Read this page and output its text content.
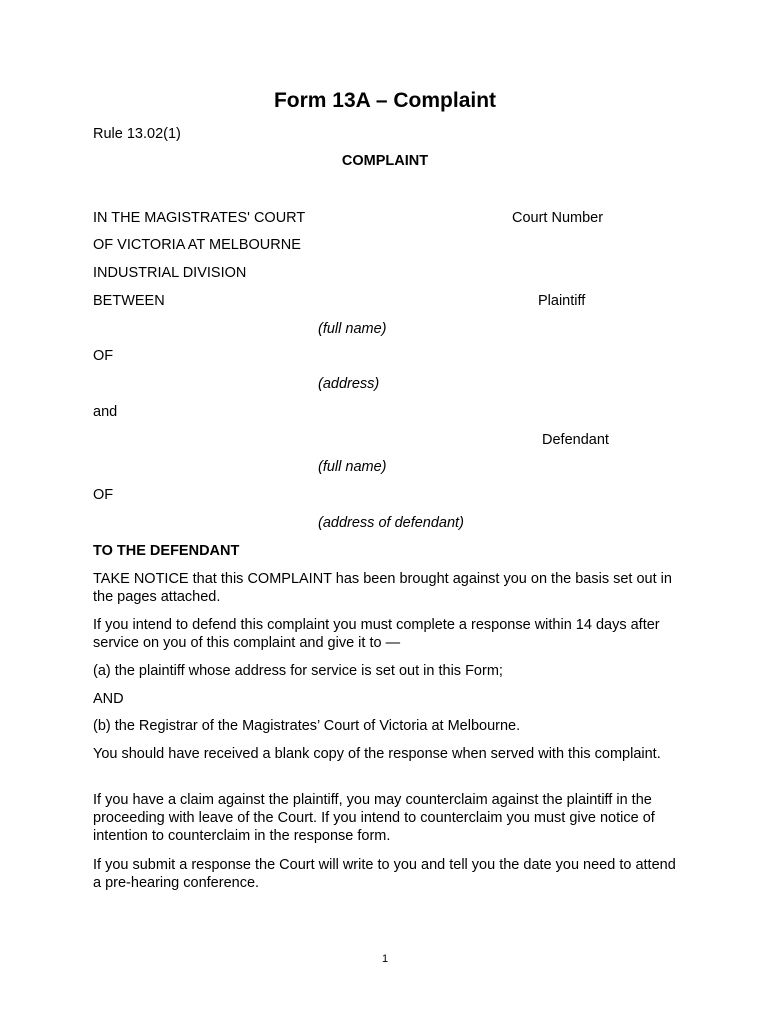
Form 13A – Complaint
Rule 13.02(1)
COMPLAINT
IN THE MAGISTRATES' COURT	Court Number
OF VICTORIA AT MELBOURNE
INDUSTRIAL DIVISION
BETWEEN	Plaintiff
(full name)
OF
(address)
and
Defendant
(full name)
OF
(address of defendant)
TO THE DEFENDANT
TAKE NOTICE that this COMPLAINT has been brought against you on the basis set out in the pages attached.
If you intend to defend this complaint you must complete a response within 14 days after service on you of this complaint and give it to —
(a) the plaintiff whose address for service is set out in this Form;
AND
(b) the Registrar of the Magistrates’ Court of Victoria at Melbourne.
You should have received a blank copy of the response when served with this complaint.
If you have a claim against the plaintiff, you may counterclaim against the plaintiff in the proceeding with leave of the Court. If you intend to counterclaim you must give notice of intention to counterclaim in the response form.
If you submit a response the Court will write to you and tell you the date you need to attend a pre-hearing conference.
1
